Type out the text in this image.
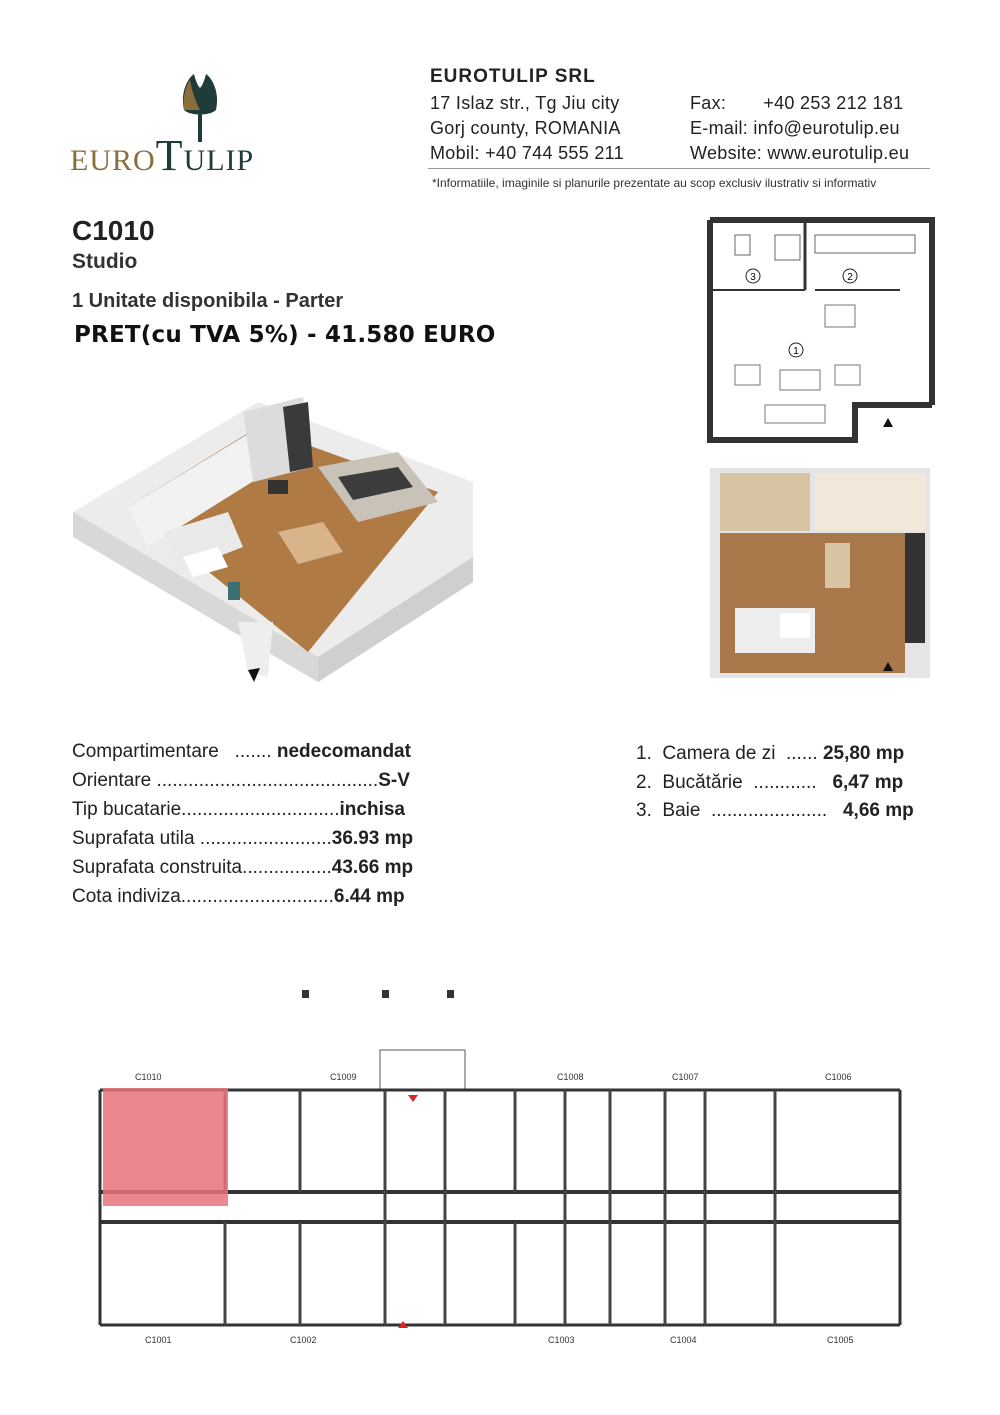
EUROTULIP
EUROTULIP SRL
17 Islaz str., Tg Jiu city
Gorj county, ROMANIA
Mobil: +40 744 555 211
Fax:       +40 253 212 181
E-mail: info@eurotulip.eu
Website: www.eurotulip.eu
*Informatiile, imaginile si planurile prezentate au scop exclusiv ilustrativ si informativ
C1010
Studio
1 Unitate disponibila - Parter
PRET(cu TVA 5%) - 41.580 EURO
3	2
1
Compartimentare   ....... nedecomandat
Orientare ..........................................S-V
Tip bucatarie..............................inchisa
Suprafata utila .........................36.93 mp
Suprafata construita.................43.66 mp
Cota indiviza.............................6.44 mp
1. Camera de zi  ...... 25,80 mp
2. Bucătărie  ............   6,47 mp
3. Baie  ......................   4,66 mp
C1010	C1009	C1008	C1007	C1006
C1001	C1002	C1003	C1004	C1005
